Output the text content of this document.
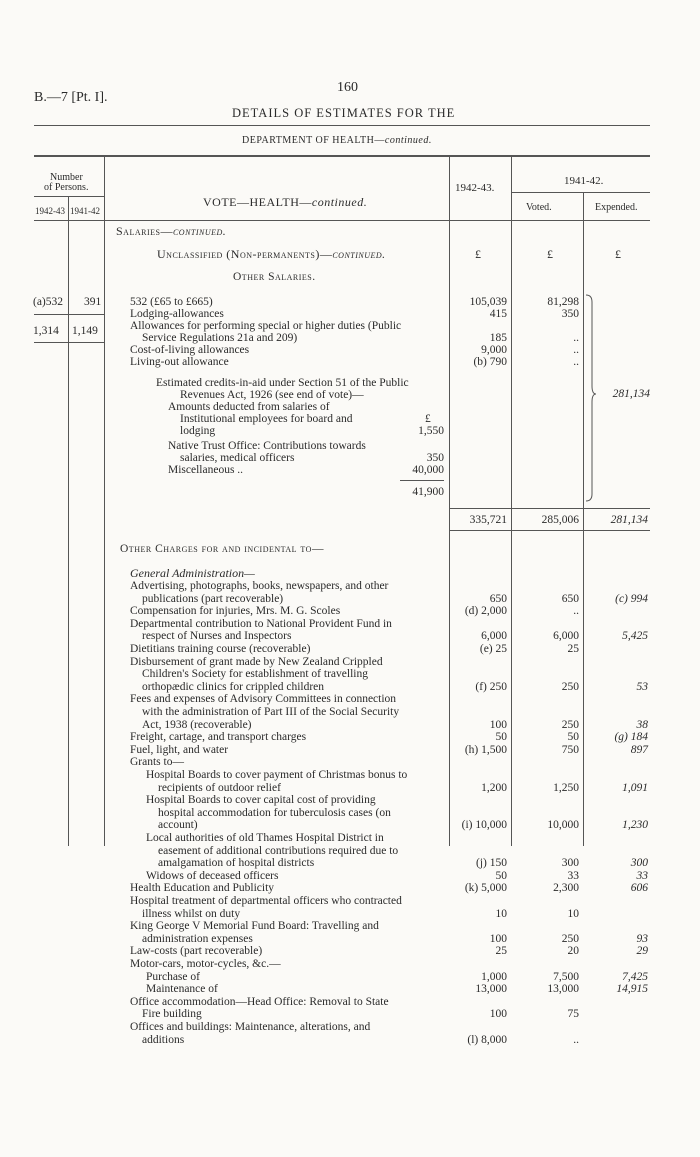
B.—7 [Pt. I].
160
DETAILS OF ESTIMATES FOR THE
DEPARTMENT OF HEALTH—continued.
Number
of Persons.
1942-43 1941-42
VOTE—HEALTH—continued.
1942-43.
1941-42.
Voted.	Expended.
Salaries—continued.
Unclassified (Non-permanents)—continued.	£	£	£
Other Salaries.
(a)532 391
1,314 1,149
532 (£65 to £665)	105,039	81,298
Lodging-allowances	415	350
Allowances for performing special or higher duties (Public
Service Regulations 21a and 209)	185	..
Cost-of-living allowances	9,000	..
Living-out allowance	(b) 790	..
Estimated credits-in-aid under Section 51 of the Public
Revenues Act, 1926 (see end of vote)—
Amounts deducted from salaries of
Institutional employees for board and	£
lodging	1,550
Native Trust Office: Contributions towards
salaries, medical officers	350
Miscellaneous ..	40,000
41,900
281,134
335,721	285,006	281,134
Other Charges for and incidental to—
General Administration—
Advertising, photographs, books, newspapers, and other
publications (part recoverable)	650	650	(c) 994
Compensation for injuries, Mrs. M. G. Scoles	(d) 2,000	..
Departmental contribution to National Provident Fund in
respect of Nurses and Inspectors	6,000	6,000	5,425
Dietitians training course (recoverable)	(e) 25	25
Disbursement of grant made by New Zealand Crippled
Children's Society for establishment of travelling
orthopædic clinics for crippled children	(f) 250	250	53
Fees and expenses of Advisory Committees in connection
with the administration of Part III of the Social Security
Act, 1938 (recoverable)	100	250	38
Freight, cartage, and transport charges	50	50	(g) 184
Fuel, light, and water	(h) 1,500	750	897
Grants to—
Hospital Boards to cover payment of Christmas bonus to
recipients of outdoor relief	1,200	1,250	1,091
Hospital Boards to cover capital cost of providing
hospital accommodation for tuberculosis cases (on
account)	(i) 10,000	10,000	1,230
Local authorities of old Thames Hospital District in
easement of additional contributions required due to
amalgamation of hospital districts	(j) 150	300	300
Widows of deceased officers	50	33	33
Health Education and Publicity	(k) 5,000	2,300	606
Hospital treatment of departmental officers who contracted
illness whilst on duty	10	10
King George V Memorial Fund Board: Travelling and
administration expenses	100	250	93
Law-costs (part recoverable)	25	20	29
Motor-cars, motor-cycles, &c.—
Purchase of	1,000	7,500	7,425
Maintenance of	13,000	13,000	14,915
Office accommodation—Head Office: Removal to State
Fire building	100	75
Offices and buildings: Maintenance, alterations, and
additions	(l) 8,000	..
